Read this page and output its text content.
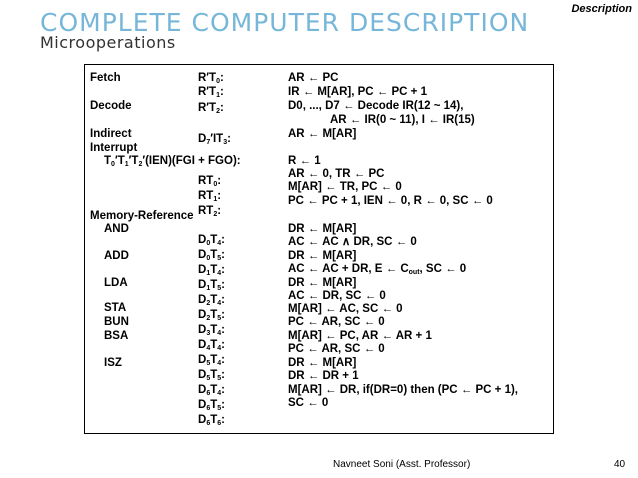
Description
COMPLETE COMPUTER DESCRIPTION
Microoperations
Fetch
Decode
Indirect
Interrupt
$T_0'T_1'T_2'(IEN)(FGI + FGO)$:
Memory-Reference
AND
ADD
LDA
STA
BUN
BSA
ISZ
$R'T_0$:
$R'T_1$:
$R'T_2$:
$D_7'IT_3$:
$RT_0$:
$RT_1$:
$RT_2$:
$D_0T_4$:
$D_0T_5$:
$D_1T_4$:
$D_1T_5$:
$D_2T_4$:
$D_2T_5$:
$D_3T_4$:
$D_4T_4$:
$D_5T_4$:
$D_5T_5$:
$D_6T_4$:
$D_6T_5$:
$D_6T_6$:
AR ← PC
IR ← M[AR], PC ← PC + 1
D0, ..., D7 ← Decode IR(12 ~ 14),
AR ← IR(0 ~ 11), I ← IR(15)
AR ← M[AR]
R ← 1
AR ← 0, TR ← PC
M[AR] ← TR, PC ← 0
PC ← PC + 1, IEN ← 0, R ← 0, SC ← 0
DR ← M[AR]
AC ← AC ∧ DR, SC ← 0
DR ← M[AR]
AC ← AC + DR, E ← $C_{out}$, SC ← 0
DR ← M[AR]
AC ← DR, SC ← 0
M[AR] ← AC, SC ← 0
PC ← AR, SC ← 0
M[AR] ← PC, AR ← AR + 1
PC ← AR, SC ← 0
DR ← M[AR]
DR ← DR + 1
M[AR] ← DR, if(DR=0) then (PC ← PC + 1),
SC ← 0
Navneet Soni (Asst. Professor)	40
